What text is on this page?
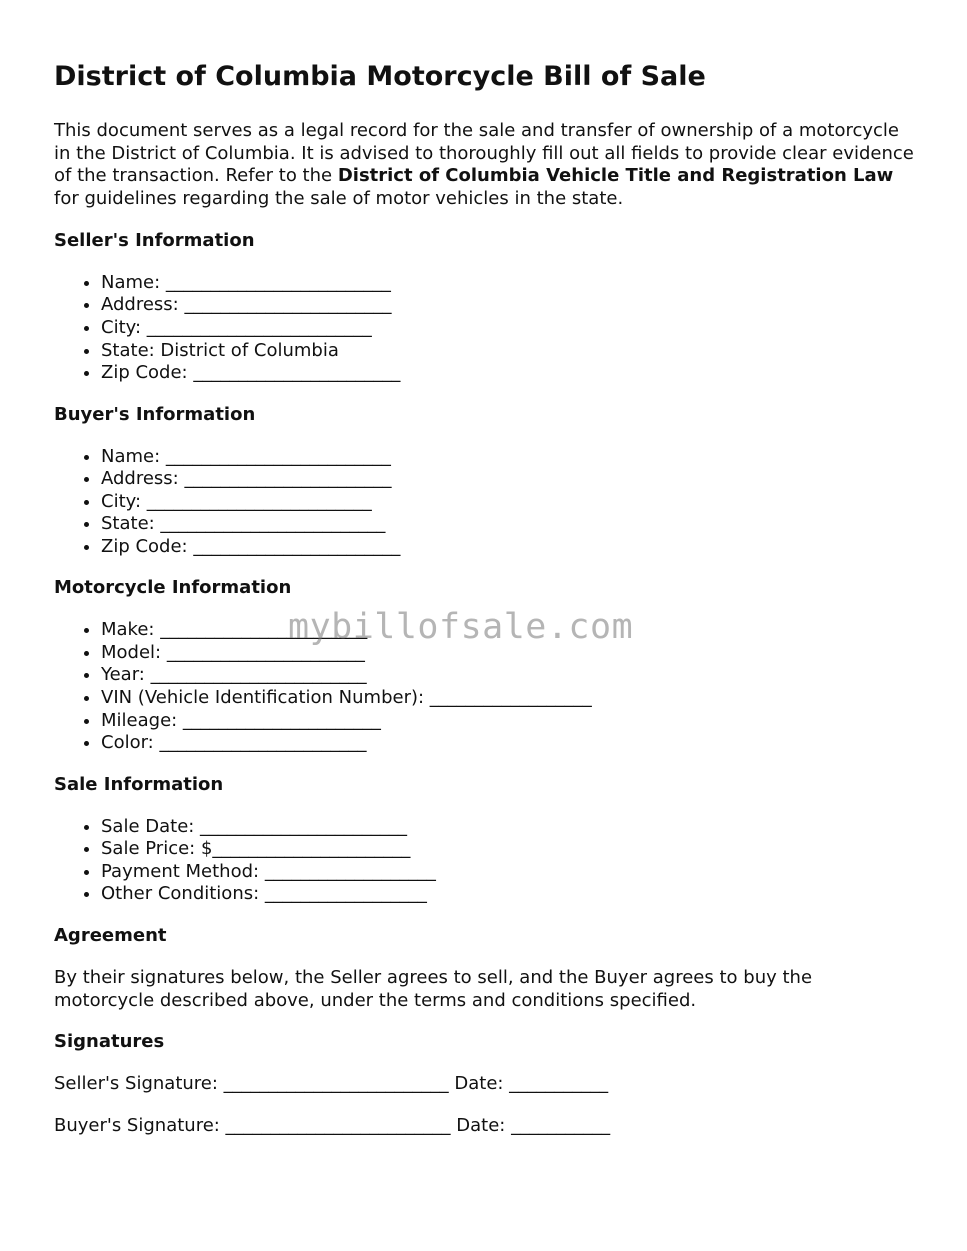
District of Columbia Motorcycle Bill of Sale

This document serves as a legal record for the sale and transfer of ownership of a motorcycle in the District of Columbia. It is advised to thoroughly fill out all fields to provide clear evidence of the transaction. Refer to the District of Columbia Vehicle Title and Registration Law for guidelines regarding the sale of motor vehicles in the state.

Seller's Information
• Name: _________________________
• Address: _______________________
• City: _________________________
• State: District of Columbia
• Zip Code: _______________________
Buyer's Information
• Name: _________________________
• Address: _______________________
• City: _________________________
• State: _________________________
• Zip Code: _______________________
Motorcycle Information
• Make: _______________________
• Model: ______________________
• Year: ________________________
• VIN (Vehicle Identification Number): __________________
• Mileage: ______________________
• Color: _______________________
Sale Information
• Sale Date: _______________________
• Sale Price: $______________________
• Payment Method: ___________________
• Other Conditions: __________________
Agreement

By their signatures below, the Seller agrees to sell, and the Buyer agrees to buy the motorcycle described above, under the terms and conditions specified.

Signatures
Seller's Signature: _________________________ Date: ___________
Buyer's Signature: _________________________ Date: ___________
mybillofsale.com
